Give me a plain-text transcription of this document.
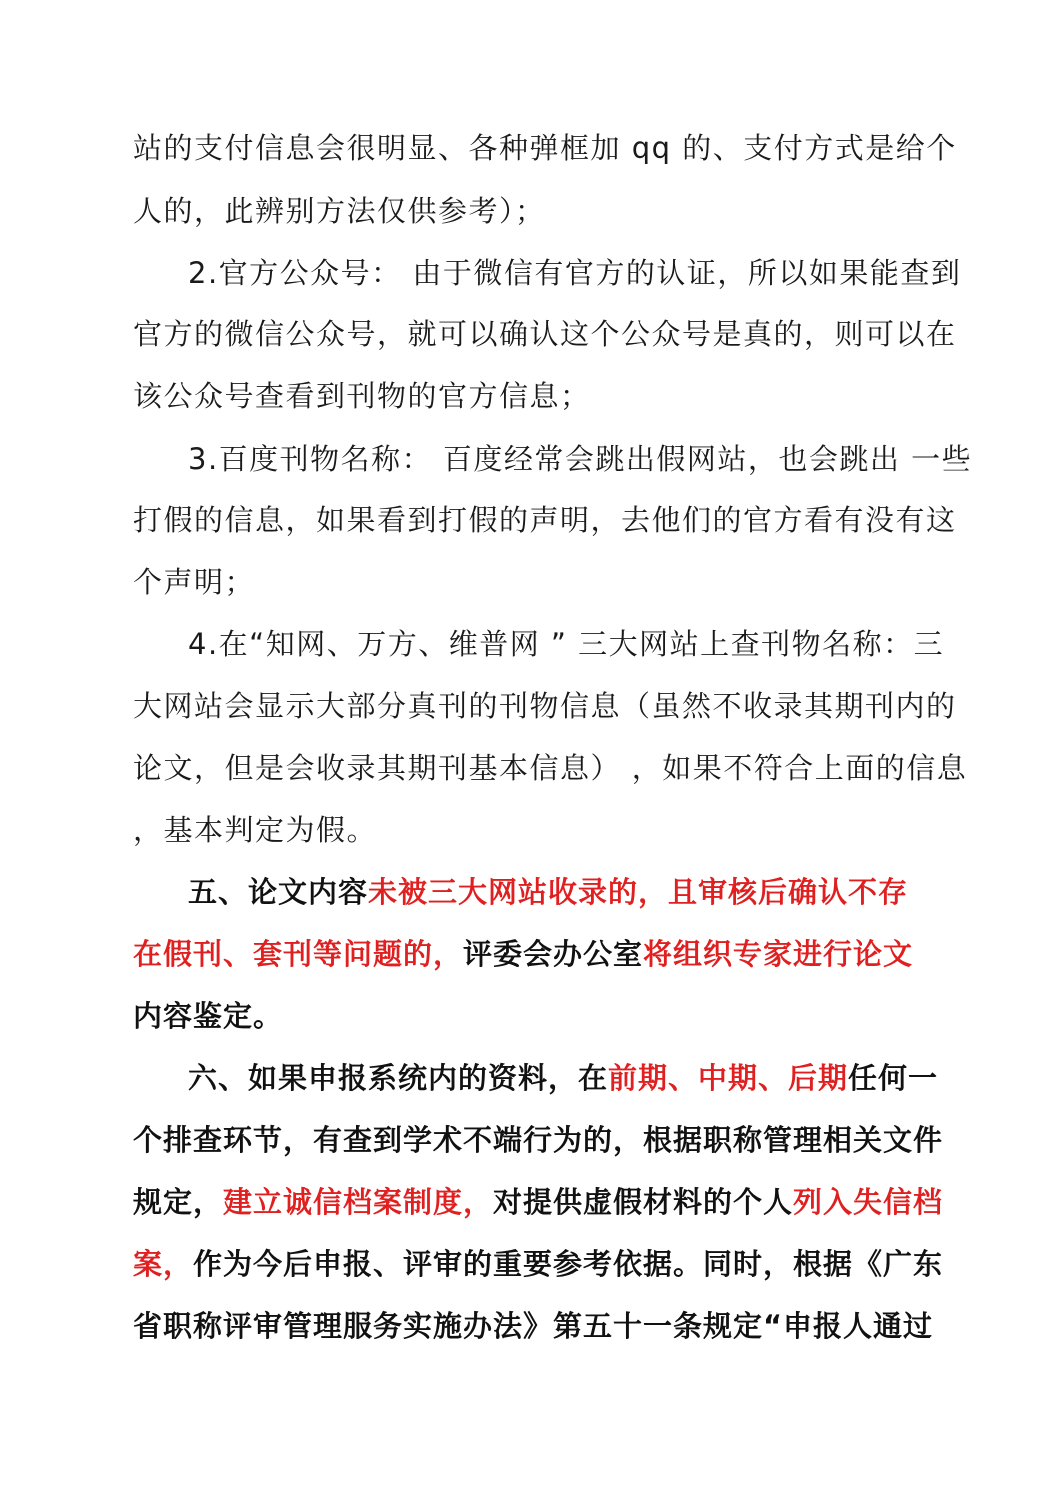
站的支付信息会很明显、各种弹框加 qq 的、支付方式是给个
人的，此辨别方法仅供参考）；
2.官方公众号： 由于微信有官方的认证，所以如果能查到
官方的微信公众号，就可以确认这个公众号是真的，则可以在
该公众号查看到刊物的官方信息；
3.百度刊物名称： 百度经常会跳出假网站，也会跳出 一些
打假的信息，如果看到打假的声明，去他们的官方看有没有这
个声明；
4.在“知网、万方、维普网 ” 三大网站上查刊物名称：三
大网站会显示大部分真刊的刊物信息（虽然不收录其期刊内的
论文，但是会收录其期刊基本信息） ，如果不符合上面的信息
，基本判定为假。
五、论文内容未被三大网站收录的，且审核后确认不存
在假刊、套刊等问题的，评委会办公室将组织专家进行论文
内容鉴定。
六、如果申报系统内的资料，在前期、中期、后期任何一
个排查环节，有查到学术不端行为的，根据职称管理相关文件
规定，建立诚信档案制度，对提供虚假材料的个人列入失信档
案，作为今后申报、评审的重要参考依据。同时，根据《广东
省职称评审管理服务实施办法》第五十一条规定“申报人通过
